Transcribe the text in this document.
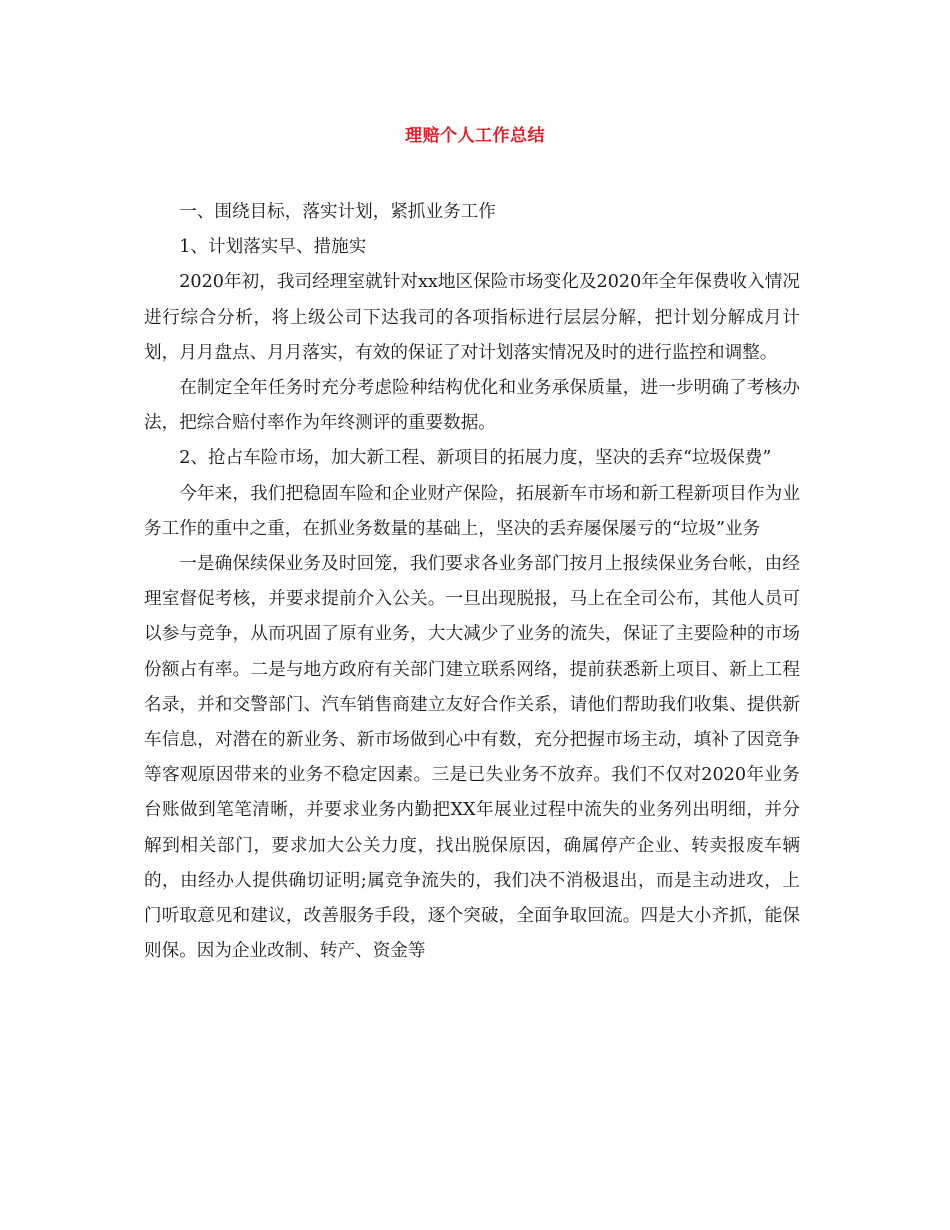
理赔个人工作总结

一、围绕目标，落实计划，紧抓业务工作

1、计划落实早、措施实

2020年初，我司经理室就针对xx地区保险市场变化及2020年全年保费收入情况进行综合分析，将上级公司下达我司的各项指标进行层层分解，把计划分解成月计划，月月盘点、月月落实，有效的保证了对计划落实情况及时的进行监控和调整。

在制定全年任务时充分考虑险种结构优化和业务承保质量，进一步明确了考核办法，把综合赔付率作为年终测评的重要数据。

2、抢占车险市场，加大新工程、新项目的拓展力度，坚决的丢弃“垃圾保费”

今年来，我们把稳固车险和企业财产保险，拓展新车市场和新工程新项目作为业务工作的重中之重，在抓业务数量的基础上，坚决的丢弃屡保屡亏的“垃圾”业务

一是确保续保业务及时回笼，我们要求各业务部门按月上报续保业务台帐，由经理室督促考核，并要求提前介入公关。一旦出现脱报，马上在全司公布，其他人员可以参与竞争，从而巩固了原有业务，大大减少了业务的流失，保证了主要险种的市场份额占有率。二是与地方政府有关部门建立联系网络，提前获悉新上项目、新上工程名录，并和交警部门、汽车销售商建立友好合作关系，请他们帮助我们收集、提供新车信息，对潜在的新业务、新市场做到心中有数，充分把握市场主动，填补了因竞争等客观原因带来的业务不稳定因素。三是已失业务不放弃。我们不仅对2020年业务台账做到笔笔清晰，并要求业务内勤把XX年展业过程中流失的业务列出明细，并分解到相关部门，要求加大公关力度，找出脱保原因，确属停产企业、转卖报废车辆的，由经办人提供确切证明;属竞争流失的，我们决不消极退出，而是主动进攻，上门听取意见和建议，改善服务手段，逐个突破，全面争取回流。四是大小齐抓，能保则保。因为企业改制、转产、资金等
